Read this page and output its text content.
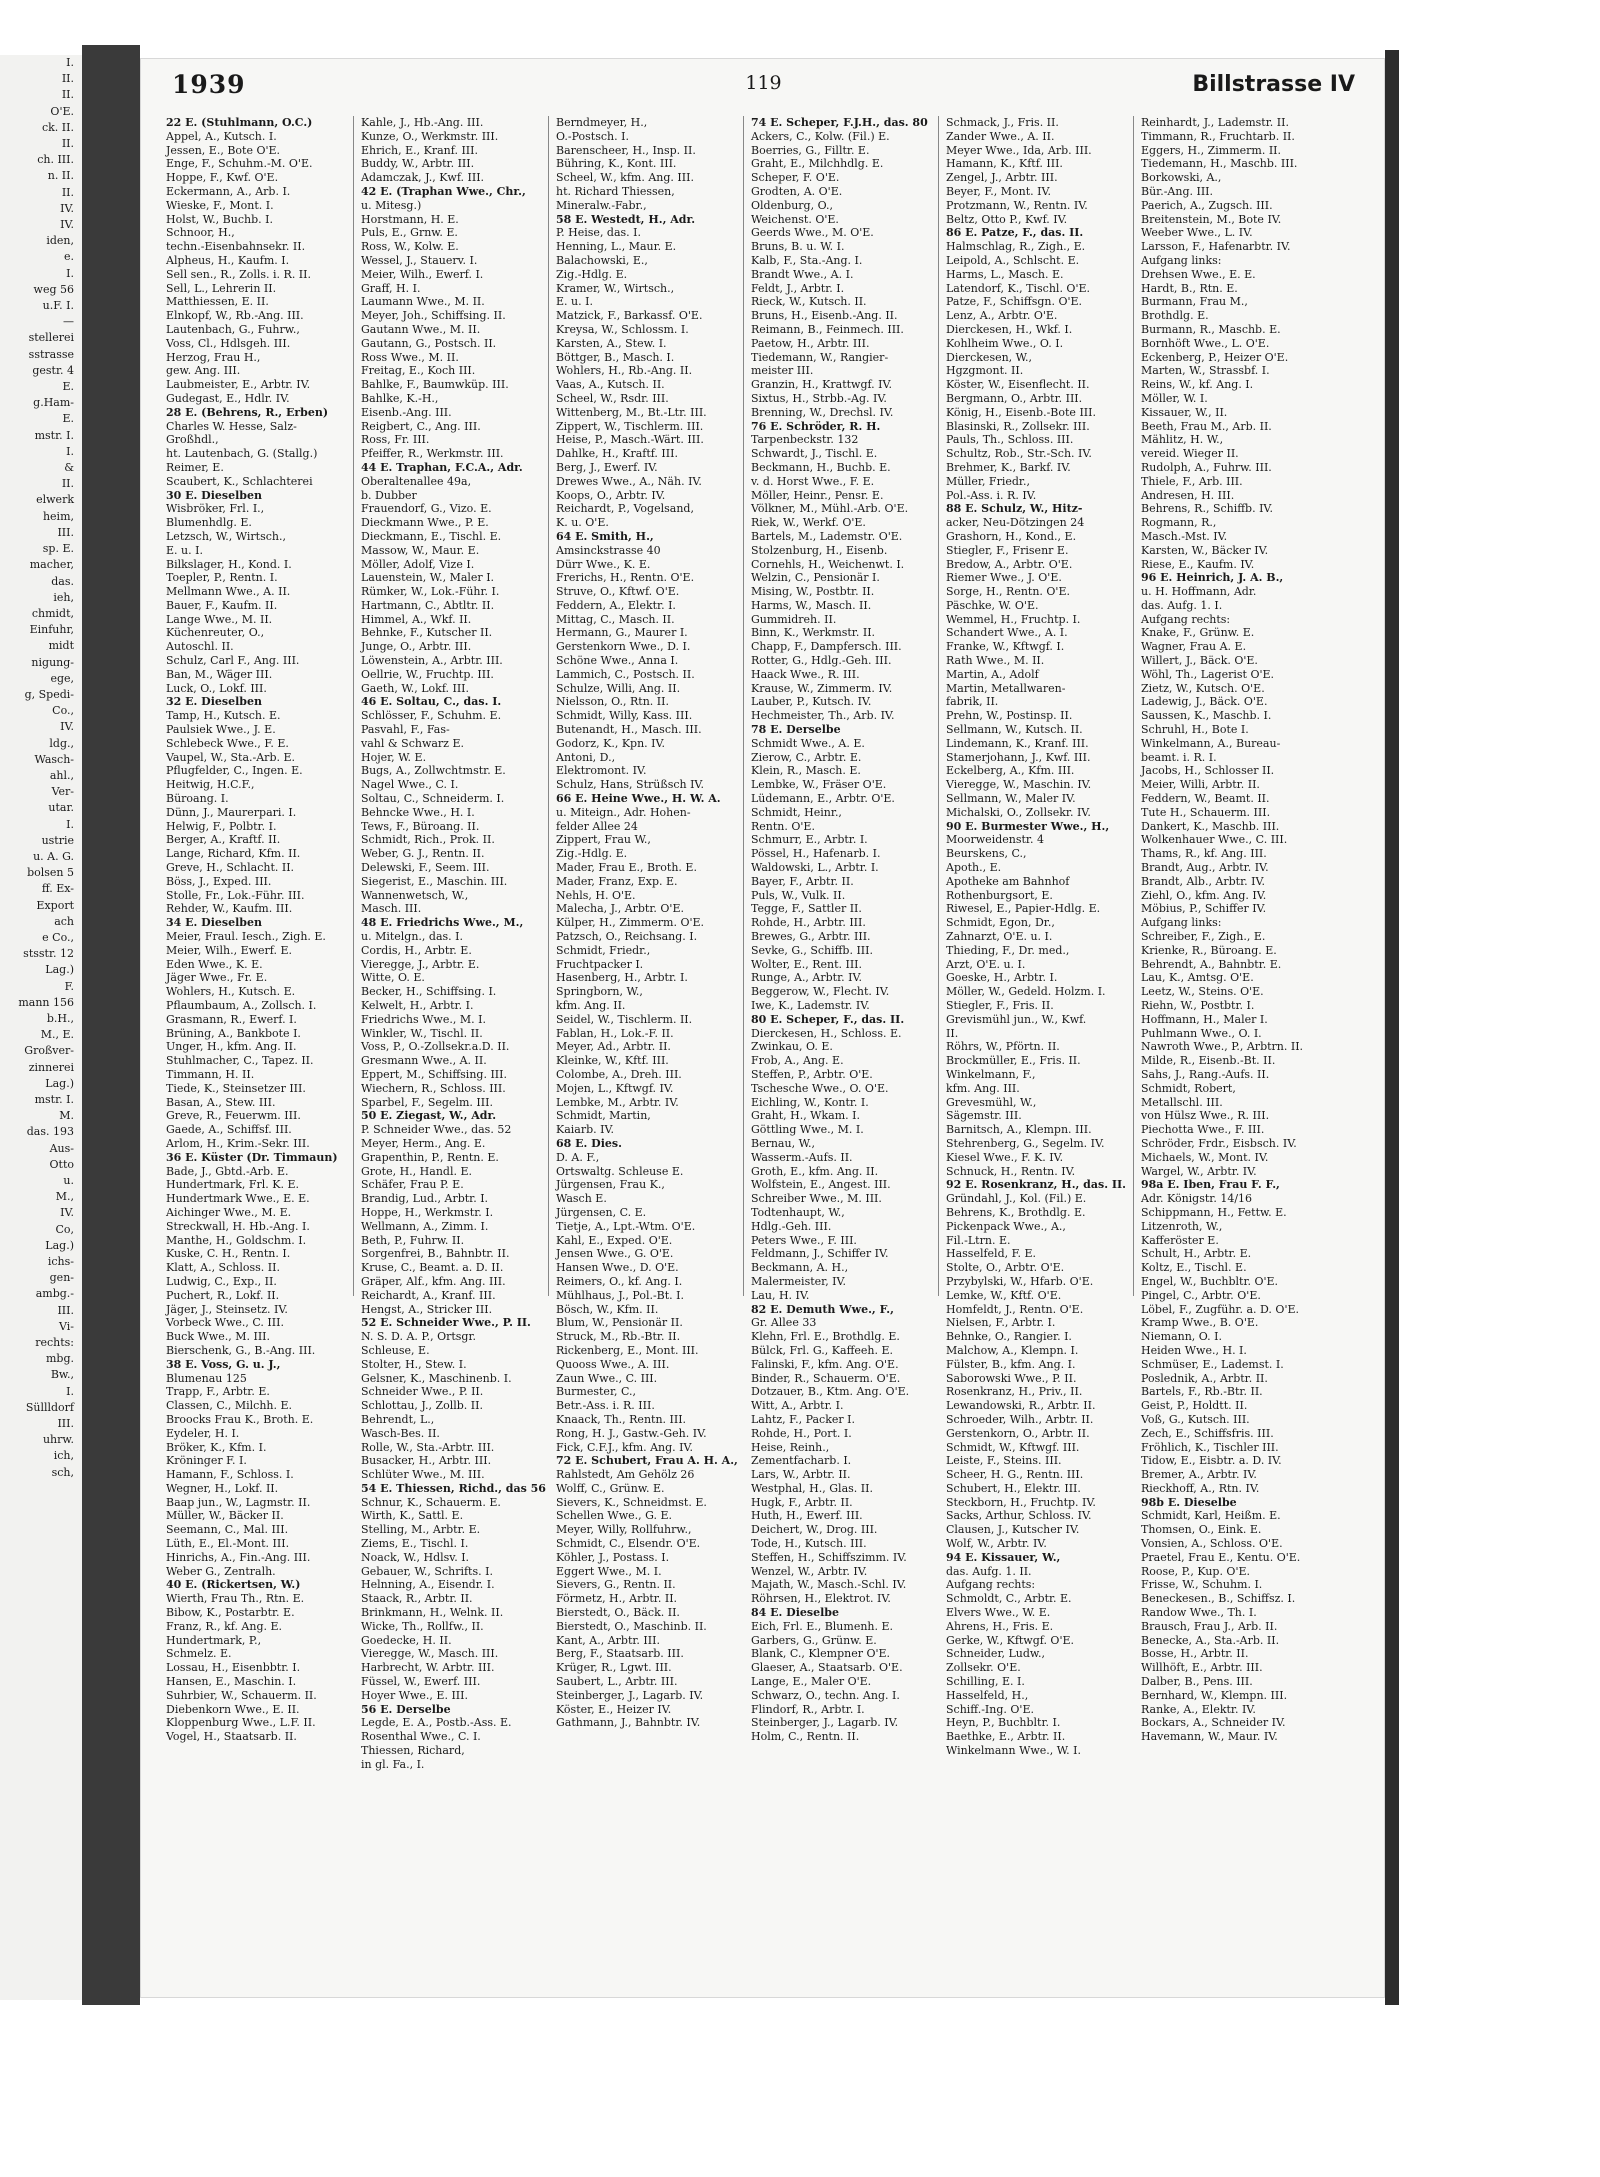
I.
II.
II.
O'E.
ck. II.
II.
ch. III.
n. II.
II.
IV.
IV.
iden,
e.
I.
weg 56
u.F. I.
—
stellerei
sstrasse
gestr. 4
E.
g.Ham-
E.
mstr. I.
I.
&
II.
elwerk
heim,
III.
sp. E.
macher,
das.
ieh,
chmidt,
Einfuhr,
midt
nigung-
ege,
g, Spedi-
Co.,
IV.
ldg.,
Wasch-
ahl.,
Ver-
utar.
I.
ustrie
u. A. G.
bolsen 5
ff. Ex-
Export
ach
e Co.,
stsstr. 12
Lag.)
F.
mann 156
b.H.,
M., E.
Großver-
zinnerei
Lag.)
mstr. I.
M.
das. 193
Aus-
Otto
u.
M.,
IV.
Co,
Lag.)
ichs-
gen-
ambg.-
III.
Vi-
rechts:
mbg.
Bw.,
I.
Süllldorf
III.
uhrw.
ich,
sch,
1939	119	Billstrasse IV
22 E. (Stuhlmann, O.C.)
Appel, A., Kutsch. I.
Jessen, E., Bote O'E.
Enge, F., Schuhm.-M. O'E.
Hoppe, F., Kwf. O'E.
Eckermann, A., Arb. I.
Wieske, F., Mont. I.
Holst, W., Buchb. I.
Schnoor, H.,
techn.-Eisenbahnsekr. II.
Alpheus, H., Kaufm. I.
Sell sen., R., Zolls. i. R. II.
Sell, L., Lehrerin II.
Matthiessen, E. II.
Elnkopf, W., Rb.-Ang. III.
Lautenbach, G., Fuhrw.,
Voss, Cl., Hdlsgeh. III.
Herzog, Frau H.,
gew. Ang. III.
Laubmeister, E., Arbtr. IV.
Gudegast, E., Hdlr. IV.
28 E. (Behrens, R., Erben)
Charles W. Hesse, Salz-
Großhdl.,
ht. Lautenbach, G. (Stallg.)
Reimer, E.
Scaubert, K., Schlachterei
30 E. Dieselben
Wisbröker, Frl. I.,
Blumenhdlg. E.
Letzsch, W., Wirtsch.,
E. u. I.
Bilkslager, H., Kond. I.
Toepler, P., Rentn. I.
Mellmann Wwe., A. II.
Bauer, F., Kaufm. II.
Lange Wwe., M. II.
Küchenreuter, O.,
Autoschl. II.
Schulz, Carl F., Ang. III.
Ban, M., Wäger III.
Luck, O., Lokf. III.
32 E. Dieselben
Tamp, H., Kutsch. E.
Paulsiek Wwe., J. E.
Schlebeck Wwe., F. E.
Vaupel, W., Sta.-Arb. E.
Pflugfelder, C., Ingen. E.
Heitwig, H.C.F.,
Büroang. I.
Dünn, J., Maurerpari. I.
Helwig, F., Polbtr. I.
Berger, A., Kraftf. II.
Lange, Richard, Kfm. II.
Greve, H., Schlacht. II.
Böss, J., Exped. III.
Stolle, Fr., Lok.-Führ. III.
Rehder, W., Kaufm. III.
34 E. Dieselben
Meier, Fraul. Iesch., Zigh. E.
Meier, Wilh., Ewerf. E.
Eden Wwe., K. E.
Jäger Wwe., Fr. E.
Wohlers, H., Kutsch. E.
Pflaumbaum, A., Zollsch. I.
Grasmann, R., Ewerf. I.
Brüning, A., Bankbote I.
Unger, H., kfm. Ang. II.
Stuhlmacher, C., Tapez. II.
Timmann, H. II.
Tiede, K., Steinsetzer III.
Basan, A., Stew. III.
Greve, R., Feuerwm. III.
Gaede, A., Schiffsf. III.
Arlom, H., Krim.-Sekr. III.
36 E. Küster (Dr. Timmaun)
Bade, J., Gbtd.-Arb. E.
Hundertmark, Frl. K. E.
Hundertmark Wwe., E. E.
Aichinger Wwe., M. E.
Streckwall, H. Hb.-Ang. I.
Manthe, H., Goldschm. I.
Kuske, C. H., Rentn. I.
Klatt, A., Schloss. II.
Ludwig, C., Exp., II.
Puchert, R., Lokf. II.
Jäger, J., Steinsetz. IV.
Vorbeck Wwe., C. III.
Buck Wwe., M. III.
Bierschenk, G., B.-Ang. III.
38 E. Voss, G. u. J.,
Blumenau 125
Trapp, F., Arbtr. E.
Classen, C., Milchh. E.
Broocks Frau K., Broth. E.
Eydeler, H. I.
Bröker, K., Kfm. I.
Kröninger F. I.
Hamann, F., Schloss. I.
Wegner, H., Lokf. II.
Baap jun., W., Lagmstr. II.
Müller, W., Bäcker II.
Seemann, C., Mal. III.
Lüth, E., El.-Mont. III.
Hinrichs, A., Fin.-Ang. III.
Weber G., Zentralh.
40 E. (Rickertsen, W.)
Wierth, Frau Th., Rtn. E.
Bibow, K., Postarbtr. E.
Franz, R., kf. Ang. E.
Hundertmark, P.,
Schmelz. E.
Lossau, H., Eisenbbtr. I.
Hansen, E., Maschin. I.
Suhrbier, W., Schauerm. II.
Diebenkorn Wwe., E. II.
Kloppenburg Wwe., L.F. II.
Vogel, H., Staatsarb. II.
Kahle, J., Hb.-Ang. III.
Kunze, O., Werkmstr. III.
Ehrich, E., Kranf. III.
Buddy, W., Arbtr. III.
Adamczak, J., Kwf. III.
42 E. (Traphan Wwe., Chr.,
u. Mitesg.)
Horstmann, H. E.
Puls, E., Grnw. E.
Ross, W., Kolw. E.
Wessel, J., Stauerv. I.
Meier, Wilh., Ewerf. I.
Graff, H. I.
Laumann Wwe., M. II.
Meyer, Joh., Schiffsing. II.
Gautann Wwe., M. II.
Gautann, G., Postsch. II.
Ross Wwe., M. II.
Freitag, E., Koch III.
Bahlke, F., Baumwküp. III.
Bahlke, K.-H.,
Eisenb.-Ang. III.
Reigbert, C., Ang. III.
Ross, Fr. III.
Pfeiffer, R., Werkmstr. III.
44 E. Traphan, F.C.A., Adr.
Oberaltenallee 49a,
b. Dubber
Frauendorf, G., Vizo. E.
Dieckmann Wwe., P. E.
Dieckmann, E., Tischl. E.
Massow, W., Maur. E.
Möller, Adolf, Vize I.
Lauenstein, W., Maler I.
Rümker, W., Lok.-Führ. I.
Hartmann, C., Abtltr. II.
Himmel, A., Wkf. II.
Behnke, F., Kutscher II.
Junge, O., Arbtr. III.
Löwenstein, A., Arbtr. III.
Oellrie, W., Fruchtp. III.
Gaeth, W., Lokf. III.
46 E. Soltau, C., das. I.
Schlösser, F., Schuhm. E.
Pasvahl, F., Fas-
vahl & Schwarz E.
Hojer, W. E.
Bugs, A., Zollwchtmstr. E.
Nagel Wwe., C. I.
Soltau, C., Schneiderm. I.
Behncke Wwe., H. I.
Tews, F., Büroang. II.
Schmidt, Rich., Prok. II.
Weber, G. J., Rentn. II.
Delewski, F., Seem. III.
Siegerist, E., Maschin. III.
Wannenwetsch, W.,
Masch. III.
48 E. Friedrichs Wwe., M.,
u. Mitelgn., das. I.
Cordis, H., Arbtr. E.
Vieregge, J., Arbtr. E.
Witte, O. E.
Becker, H., Schiffsing. I.
Kelwelt, H., Arbtr. I.
Friedrichs Wwe., M. I.
Winkler, W., Tischl. II.
Voss, P., O.-Zollsekr.a.D. II.
Gresmann Wwe., A. II.
Eppert, M., Schiffsing. III.
Wiechern, R., Schloss. III.
Sparbel, F., Segelm. III.
50 E. Ziegast, W., Adr.
P. Schneider Wwe., das. 52
Meyer, Herm., Ang. E.
Grapenthin, P., Rentn. E.
Grote, H., Handl. E.
Schäfer, Frau P. E.
Brandig, Lud., Arbtr. I.
Hoppe, H., Werkmstr. I.
Wellmann, A., Zimm. I.
Beth, P., Fuhrw. II.
Sorgenfrei, B., Bahnbtr. II.
Kruse, C., Beamt. a. D. II.
Gräper, Alf., kfm. Ang. III.
Reichardt, A., Kranf. III.
Hengst, A., Stricker III.
52 E. Schneider Wwe., P. II.
N. S. D. A. P., Ortsgr.
Schleuse, E.
Stolter, H., Stew. I.
Gelsner, K., Maschinenb. I.
Schneider Wwe., P. II.
Schlottau, J., Zollb. II.
Behrendt, L.,
Wasch-Bes. II.
Rolle, W., Sta.-Arbtr. III.
Busacker, H., Arbtr. III.
Schlüter Wwe., M. III.
54 E. Thiessen, Richd., das 56
Schnur, K., Schauerm. E.
Wirth, K., Sattl. E.
Stelling, M., Arbtr. E.
Ziems, E., Tischl. I.
Noack, W., Hdlsv. I.
Gebauer, W., Schrifts. I.
Helnning, A., Eisendr. I.
Staack, R., Arbtr. II.
Brinkmann, H., Welnk. II.
Wicke, Th., Rollfw., II.
Goedecke, H. II.
Vieregge, W., Masch. III.
Harbrecht, W. Arbtr. III.
Füssel, W., Ewerf. III.
Hoyer Wwe., E. III.
56 E. Derselbe
Legde, E. A., Postb.-Ass. E.
Rosenthal Wwe., C. I.
Thiessen, Richard,
in gl. Fa., I.
Berndmeyer, H.,
O.-Postsch. I.
Barenscheer, H., Insp. II.
Bühring, K., Kont. III.
Scheel, W., kfm. Ang. III.
ht. Richard Thiessen,
Mineralw.-Fabr.,
58 E. Westedt, H., Adr.
P. Heise, das. I.
Henning, L., Maur. E.
Balachowski, E.,
Zig.-Hdlg. E.
Kramer, W., Wirtsch.,
E. u. I.
Matzick, F., Barkassf. O'E.
Kreysa, W., Schlossm. I.
Karsten, A., Stew. I.
Böttger, B., Masch. I.
Wohlers, H., Rb.-Ang. II.
Vaas, A., Kutsch. II.
Scheel, W., Rsdr. III.
Wittenberg, M., Bt.-Ltr. III.
Zippert, W., Tischlerm. III.
Heise, P., Masch.-Wärt. III.
Dahlke, H., Kraftf. III.
Berg, J., Ewerf. IV.
Drewes Wwe., A., Näh. IV.
Koops, O., Arbtr. IV.
Reichardt, P., Vogelsand,
K. u. O'E.
64 E. Smith, H.,
Amsinckstrasse 40
Dürr Wwe., K. E.
Frerichs, H., Rentn. O'E.
Struve, O., Kftwf. O'E.
Feddern, A., Elektr. I.
Mittag, C., Masch. II.
Hermann, G., Maurer I.
Gerstenkorn Wwe., D. I.
Schöne Wwe., Anna I.
Lammich, C., Postsch. II.
Schulze, Willi, Ang. II.
Nielsson, O., Rtn. II.
Schmidt, Willy, Kass. III.
Butenandt, H., Masch. III.
Godorz, K., Kpn. IV.
Antoni, D.,
Elektromont. IV.
Schulz, Hans, Strüßsch IV.
66 E. Heine Wwe., H. W. A.
u. Miteign., Adr. Hohen-
felder Allee 24
Zippert, Frau W.,
Zig.-Hdlg. E.
Mader, Frau E., Broth. E.
Mader, Franz, Exp. E.
Nehls, H. O'E.
Malecha, J., Arbtr. O'E.
Külper, H., Zimmerm. O'E.
Patzsch, O., Reichsang. I.
Schmidt, Friedr.,
Fruchtpacker I.
Hasenberg, H., Arbtr. I.
Springborn, W.,
kfm. Ang. II.
Seidel, W., Tischlerm. II.
Fablan, H., Lok.-F. II.
Meyer, Ad., Arbtr. II.
Kleinke, W., Kftf. III.
Colombe, A., Dreh. III.
Mojen, L., Kftwgf. IV.
Lembke, M., Arbtr. IV.
Schmidt, Martin,
Kaiarb. IV.
68 E. Dies.
D. A. F.,
Ortswaltg. Schleuse E.
Jürgensen, Frau K.,
Wasch E.
Jürgensen, C. E.
Tietje, A., Lpt.-Wtm. O'E.
Kahl, E., Exped. O'E.
Jensen Wwe., G. O'E.
Hansen Wwe., D. O'E.
Reimers, O., kf. Ang. I.
Mühlhaus, J., Pol.-Bt. I.
Bösch, W., Kfm. II.
Blum, W., Pensionär II.
Struck, M., Rb.-Btr. II.
Rickenberg, E., Mont. III.
Quooss Wwe., A. III.
Zaun Wwe., C. III.
Burmester, C.,
Betr.-Ass. i. R. III.
Knaack, Th., Rentn. III.
Rong, H. J., Gastw.-Geh. IV.
Fick, C.F.J., kfm. Ang. IV.
72 E. Schubert, Frau A. H. A.,
Rahlstedt, Am Gehölz 26
Wolff, C., Grünw. E.
Sievers, K., Schneidmst. E.
Schellen Wwe., G. E.
Meyer, Willy, Rollfuhrw.,
Schmidt, C., Elsendr. O'E.
Köhler, J., Postass. I.
Eggert Wwe., M. I.
Sievers, G., Rentn. II.
Förmetz, H., Arbtr. II.
Bierstedt, O., Bäck. II.
Bierstedt, O., Maschinb. II.
Kant, A., Arbtr. III.
Berg, F., Staatsarb. III.
Krüger, R., Lgwt. III.
Saubert, L., Arbtr. III.
Steinberger, J., Lagarb. IV.
Köster, E., Heizer IV.
Gathmann, J., Bahnbtr. IV.
74 E. Scheper, F.J.H., das. 80
Ackers, C., Kolw. (Fil.) E.
Boerries, G., Filltr. E.
Graht, E., Milchhdlg. E.
Scheper, F. O'E.
Grodten, A. O'E.
Oldenburg, O.,
Weichenst. O'E.
Geerds Wwe., M. O'E.
Bruns, B. u. W. I.
Kalb, F., Sta.-Ang. I.
Brandt Wwe., A. I.
Feldt, J., Arbtr. I.
Rieck, W., Kutsch. II.
Bruns, H., Eisenb.-Ang. II.
Reimann, B., Feinmech. III.
Paetow, H., Arbtr. III.
Tiedemann, W., Rangier-
meister III.
Granzin, H., Krattwgf. IV.
Sixtus, H., Strbb.-Ag. IV.
Brenning, W., Drechsl. IV.
76 E. Schröder, R. H.
Tarpenbeckstr. 132
Schwardt, J., Tischl. E.
Beckmann, H., Buchb. E.
v. d. Horst Wwe., F. E.
Möller, Heinr., Pensr. E.
Völkner, M., Mühl.-Arb. O'E.
Riek, W., Werkf. O'E.
Bartels, M., Lademstr. O'E.
Stolzenburg, H., Eisenb.
Cornehls, H., Weichenwt. I.
Welzin, C., Pensionär I.
Mising, W., Postbtr. II.
Harms, W., Masch. II.
Gummidreh. II.
Binn, K., Werkmstr. II.
Chapp, F., Dampfersch. III.
Rotter, G., Hdlg.-Geh. III.
Haack Wwe., R. III.
Krause, W., Zimmerm. IV.
Lauber, P., Kutsch. IV.
Hechmeister, Th., Arb. IV.
78 E. Derselbe
Schmidt Wwe., A. E.
Zierow, C., Arbtr. E.
Klein, R., Masch. E.
Lembke, W., Fräser O'E.
Lüdemann, E., Arbtr. O'E.
Schmidt, Heinr.,
Rentn. O'E.
Schmurr, E., Arbtr. I.
Pössel, H., Hafenarb. I.
Waldowski, L., Arbtr. I.
Bayer, F., Arbtr. II.
Puls, W., Vulk. II.
Tegge, F., Sattler II.
Rohde, H., Arbtr. III.
Brewes, G., Arbtr. III.
Sevke, G., Schiffb. III.
Wolter, E., Rent. III.
Runge, A., Arbtr. IV.
Beggerow, W., Flecht. IV.
Iwe, K., Lademstr. IV.
80 E. Scheper, F., das. II.
Dierckesen, H., Schloss. E.
Zwinkau, O. E.
Frob, A., Ang. E.
Steffen, P., Arbtr. O'E.
Tschesche Wwe., O. O'E.
Eichling, W., Kontr. I.
Graht, H., Wkam. I.
Göttling Wwe., M. I.
Bernau, W.,
Wasserm.-Aufs. II.
Groth, E., kfm. Ang. II.
Wolfstein, E., Angest. III.
Schreiber Wwe., M. III.
Todtenhaupt, W.,
Hdlg.-Geh. III.
Peters Wwe., F. III.
Feldmann, J., Schiffer IV.
Beckmann, A. H.,
Malermeister, IV.
Lau, H. IV.
82 E. Demuth Wwe., F.,
Gr. Allee 33
Klehn, Frl. E., Brothdlg. E.
Bülck, Frl. G., Kaffeeh. E.
Falinski, F., kfm. Ang. O'E.
Binder, R., Schauerm. O'E.
Dotzauer, B., Ktm. Ang. O'E.
Witt, A., Arbtr. I.
Lahtz, F., Packer I.
Rohde, H., Port. I.
Heise, Reinh.,
Zementfacharb. I.
Lars, W., Arbtr. II.
Westphal, H., Glas. II.
Hugk, F., Arbtr. II.
Huth, H., Ewerf. III.
Deichert, W., Drog. III.
Tode, H., Kutsch. III.
Steffen, H., Schiffszimm. IV.
Wenzel, W., Arbtr. IV.
Majath, W., Masch.-Schl. IV.
Röhrsen, H., Elektrot. IV.
84 E. Dieselbe
Eich, Frl. E., Blumenh. E.
Garbers, G., Grünw. E.
Blank, C., Klempner O'E.
Glaeser, A., Staatsarb. O'E.
Lange, E., Maler O'E.
Schwarz, O., techn. Ang. I.
Flindorf, R., Arbtr. I.
Steinberger, J., Lagarb. IV.
Holm, C., Rentn. II.
Schmack, J., Fris. II.
Zander Wwe., A. II.
Meyer Wwe., Ida, Arb. III.
Hamann, K., Kftf. III.
Zengel, J., Arbtr. III.
Beyer, F., Mont. IV.
Protzmann, W., Rentn. IV.
Beltz, Otto P., Kwf. IV.
86 E. Patze, F., das. II.
Halmschlag, R., Zigh., E.
Leipold, A., Schlscht. E.
Harms, L., Masch. E.
Latendorf, K., Tischl. O'E.
Patze, F., Schiffsgn. O'E.
Lenz, A., Arbtr. O'E.
Dierckesen, H., Wkf. I.
Kohlheim Wwe., O. I.
Dierckesen, W.,
Hgzgmont. II.
Köster, W., Eisenflecht. II.
Bergmann, O., Arbtr. III.
König, H., Eisenb.-Bote III.
Blasinski, R., Zollsekr. III.
Pauls, Th., Schloss. III.
Schultz, Rob., Str.-Sch. IV.
Brehmer, K., Barkf. IV.
Müller, Friedr.,
Pol.-Ass. i. R. IV.
88 E. Schulz, W., Hitz-
acker, Neu-Dötzingen 24
Grashorn, H., Kond., E.
Stiegler, F., Frisenr E.
Bredow, A., Arbtr. O'E.
Riemer Wwe., J. O'E.
Sorge, H., Rentn. O'E.
Päschke, W. O'E.
Wemmel, H., Fruchtp. I.
Schandert Wwe., A. I.
Franke, W., Kftwgf. I.
Rath Wwe., M. II.
Martin, A., Adolf
Martin, Metallwaren-
fabrik, II.
Prehn, W., Postinsp. II.
Sellmann, W., Kutsch. II.
Lindemann, K., Kranf. III.
Stamerjohann, J., Kwf. III.
Eckelberg, A., Kfm. III.
Vieregge, W., Maschin. IV.
Sellmann, W., Maler IV.
Michalski, O., Zollsekr. IV.
90 E. Burmester Wwe., H.,
Moorweidenstr. 4
Beurskens, C.,
Apoth., E.
Apotheke am Bahnhof
Rothenburgsort, E.
Riwesel, E., Papier-Hdlg. E.
Schmidt, Egon, Dr.,
Zahnarzt, O'E. u. I.
Thieding, F., Dr. med.,
Arzt, O'E. u. I.
Goeske, H., Arbtr. I.
Möller, W., Gedeld. Holzm. I.
Stiegler, F., Fris. II.
Grevismühl jun., W., Kwf.
II.
Röhrs, W., Pförtn. II.
Brockmüller, E., Fris. II.
Winkelmann, F.,
kfm. Ang. III.
Grevesmühl, W.,
Sägemstr. III.
Barnitsch, A., Klempn. III.
Stehrenberg, G., Segelm. IV.
Kiesel Wwe., F. K. IV.
Schnuck, H., Rentn. IV.
92 E. Rosenkranz, H., das. II.
Gründahl, J., Kol. (Fil.) E.
Behrens, K., Brothdlg. E.
Pickenpack Wwe., A.,
Fil.-Ltrn. E.
Hasselfeld, F. E.
Stolte, O., Arbtr. O'E.
Przybylski, W., Hfarb. O'E.
Lemke, W., Kftf. O'E.
Homfeldt, J., Rentn. O'E.
Nielsen, F., Arbtr. I.
Behnke, O., Rangier. I.
Malchow, A., Klempn. I.
Fülster, B., kfm. Ang. I.
Saborowski Wwe., P. II.
Rosenkranz, H., Priv., II.
Lewandowski, R., Arbtr. II.
Schroeder, Wilh., Arbtr. II.
Gerstenkorn, O., Arbtr. II.
Schmidt, W., Kftwgf. III.
Leiste, F., Steins. III.
Scheer, H. G., Rentn. III.
Schubert, H., Elektr. III.
Steckborn, H., Fruchtp. IV.
Sacks, Arthur, Schloss. IV.
Clausen, J., Kutscher IV.
Wolf, W., Arbtr. IV.
94 E. Kissauer, W.,
das. Aufg. 1. II.
Aufgang rechts:
Schmoldt, C., Arbtr. E.
Elvers Wwe., W. E.
Ahrens, H., Fris. E.
Gerke, W., Kftwgf. O'E.
Schneider, Ludw.,
Zollsekr. O'E.
Schilling, E. I.
Hasselfeld, H.,
Schiff.-Ing. O'E.
Heyn, P., Buchbltr. I.
Baethke, E., Arbtr. II.
Winkelmann Wwe., W. I.
Reinhardt, J., Lademstr. II.
Timmann, R., Fruchtarb. II.
Eggers, H., Zimmerm. II.
Tiedemann, H., Maschb. III.
Borkowski, A.,
Bür.-Ang. III.
Paerich, A., Zugsch. III.
Breitenstein, M., Bote IV.
Weeber Wwe., L. IV.
Larsson, F., Hafenarbtr. IV.
Aufgang links:
Drehsen Wwe., E. E.
Hardt, B., Rtn. E.
Burmann, Frau M.,
Brothdlg. E.
Burmann, R., Maschb. E.
Bornhöft Wwe., L. O'E.
Eckenberg, P., Heizer O'E.
Marten, W., Strassbf. I.
Reins, W., kf. Ang. I.
Möller, W. I.
Kissauer, W., II.
Beeth, Frau M., Arb. II.
Mählitz, H. W.,
vereid. Wieger II.
Rudolph, A., Fuhrw. III.
Thiele, F., Arb. III.
Andresen, H. III.
Behrens, R., Schiffb. IV.
Rogmann, R.,
Masch.-Mst. IV.
Karsten, W., Bäcker IV.
Riese, E., Kaufm. IV.
96 E. Heinrich, J. A. B.,
u. H. Hoffmann, Adr.
das. Aufg. 1. I.
Aufgang rechts:
Knake, F., Grünw. E.
Wagner, Frau A. E.
Willert, J., Bäck. O'E.
Wöhl, Th., Lagerist O'E.
Zietz, W., Kutsch. O'E.
Ladewig, J., Bäck. O'E.
Saussen, K., Maschb. I.
Schruhl, H., Bote I.
Winkelmann, A., Bureau-
beamt. i. R. I.
Jacobs, H., Schlosser II.
Meier, Willi, Arbtr. II.
Feddern, W., Beamt. II.
Tute H., Schauerm. III.
Dankert, K., Maschb. III.
Wolkenhauer Wwe., C. III.
Thams, R., kf. Ang. III.
Brandt, Aug., Arbtr. IV.
Brandt, Alb., Arbtr. IV.
Ziehl, O., kfm. Ang. IV.
Möbius, P., Schiffer IV.
Aufgang links:
Schreiber, F., Zigh., E.
Krienke, R., Büroang. E.
Behrendt, A., Bahnbtr. E.
Lau, K., Amtsg. O'E.
Leetz, W., Steins. O'E.
Riehn, W., Postbtr. I.
Hoffmann, H., Maler I.
Puhlmann Wwe., O. I.
Nawroth Wwe., P., Arbtrn. II.
Milde, R., Eisenb.-Bt. II.
Sahs, J., Rang.-Aufs. II.
Schmidt, Robert,
Metallschl. III.
von Hülsz Wwe., R. III.
Piechotta Wwe., F. III.
Schröder, Frdr., Eisbsch. IV.
Michaels, W., Mont. IV.
Wargel, W., Arbtr. IV.
98a E. Iben, Frau F. F.,
Adr. Königstr. 14/16
Schippmann, H., Fettw. E.
Litzenroth, W.,
Kafferöster E.
Schult, H., Arbtr. E.
Koltz, E., Tischl. E.
Engel, W., Buchbltr. O'E.
Pingel, C., Arbtr. O'E.
Löbel, F., Zugführ. a. D. O'E.
Kramp Wwe., B. O'E.
Niemann, O. I.
Heiden Wwe., H. I.
Schmüser, E., Lademst. I.
Poslednik, A., Arbtr. II.
Bartels, F., Rb.-Btr. II.
Geist, P., Holdtt. II.
Voß, G., Kutsch. III.
Zech, E., Schiffsfris. III.
Fröhlich, K., Tischler III.
Tidow, E., Eisbtr. a. D. IV.
Bremer, A., Arbtr. IV.
Rieckhoff, A., Rtn. IV.
98b E. Dieselbe
Schmidt, Karl, Heißm. E.
Thomsen, O., Eink. E.
Vonsien, A., Schloss. O'E.
Praetel, Frau E., Kentu. O'E.
Roose, P., Kup. O'E.
Frisse, W., Schuhm. I.
Beneckesen., B., Schiffsz. I.
Randow Wwe., Th. I.
Brausch, Frau J., Arb. II.
Benecke, A., Sta.-Arb. II.
Bosse, H., Arbtr. II.
Willhöft, E., Arbtr. III.
Dalber, B., Pens. III.
Bernhard, W., Klempn. III.
Ranke, A., Elektr. IV.
Bockars, A., Schneider IV.
Havemann, W., Maur. IV.
